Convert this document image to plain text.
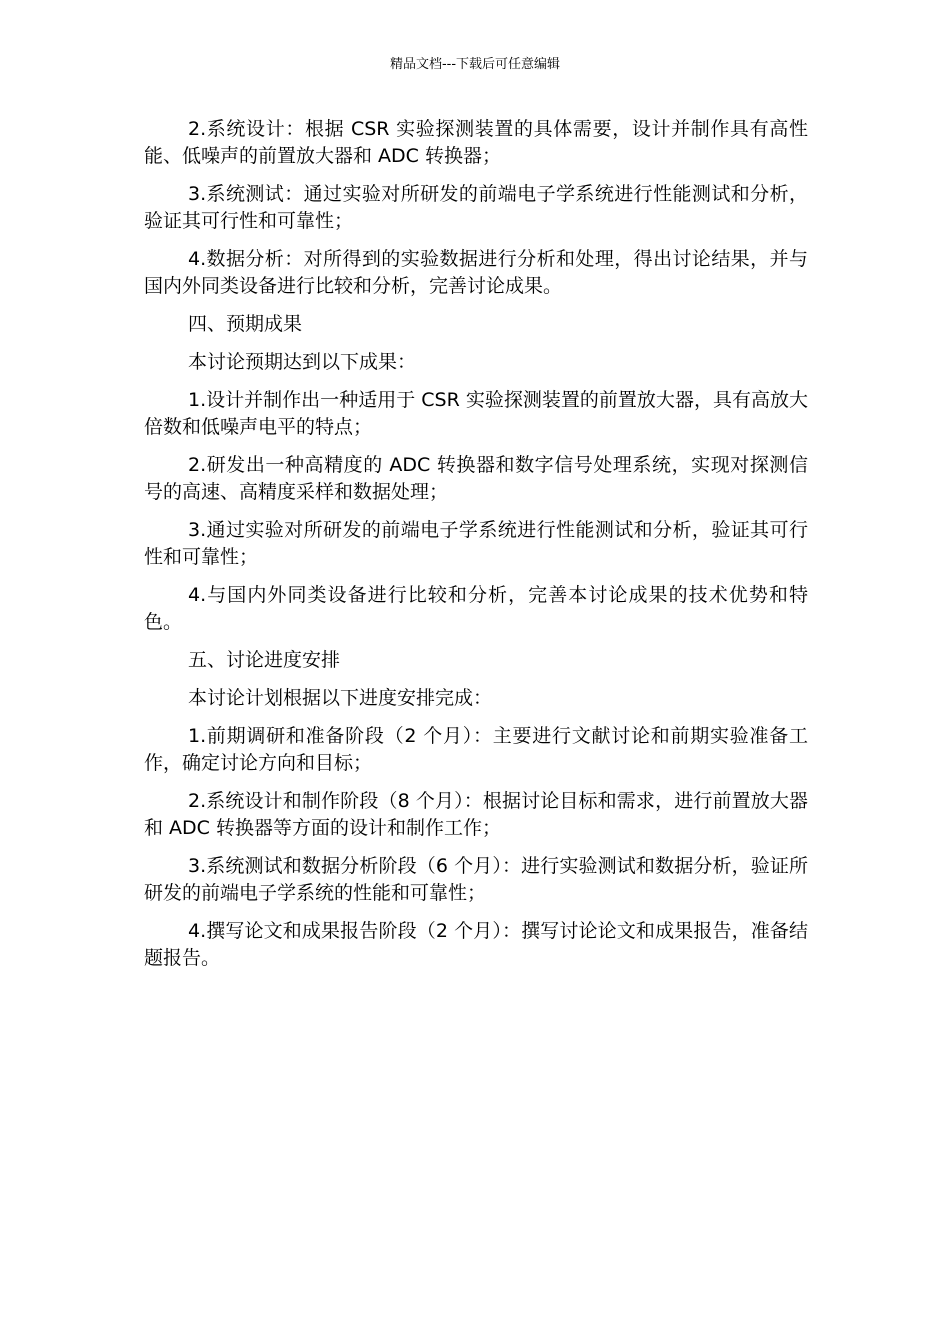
精品文档---下载后可任意编辑

2.系统设计：根据 CSR 实验探测装置的具体需要，设计并制作具有高性能、低噪声的前置放大器和 ADC 转换器；

3.系统测试：通过实验对所研发的前端电子学系统进行性能测试和分析，验证其可行性和可靠性；

4.数据分析：对所得到的实验数据进行分析和处理，得出讨论结果，并与国内外同类设备进行比较和分析，完善讨论成果。

四、预期成果

本讨论预期达到以下成果：

1.设计并制作出一种适用于 CSR 实验探测装置的前置放大器，具有高放大倍数和低噪声电平的特点；

2.研发出一种高精度的 ADC 转换器和数字信号处理系统，实现对探测信号的高速、高精度采样和数据处理；

3.通过实验对所研发的前端电子学系统进行性能测试和分析，验证其可行性和可靠性；

4.与国内外同类设备进行比较和分析，完善本讨论成果的技术优势和特色。

五、讨论进度安排

本讨论计划根据以下进度安排完成：

1.前期调研和准备阶段（2 个月）：主要进行文献讨论和前期实验准备工作，确定讨论方向和目标；

2.系统设计和制作阶段（8 个月）：根据讨论目标和需求，进行前置放大器和 ADC 转换器等方面的设计和制作工作；

3.系统测试和数据分析阶段（6 个月）：进行实验测试和数据分析，验证所研发的前端电子学系统的性能和可靠性；

4.撰写论文和成果报告阶段（2 个月）：撰写讨论论文和成果报告，准备结题报告。
